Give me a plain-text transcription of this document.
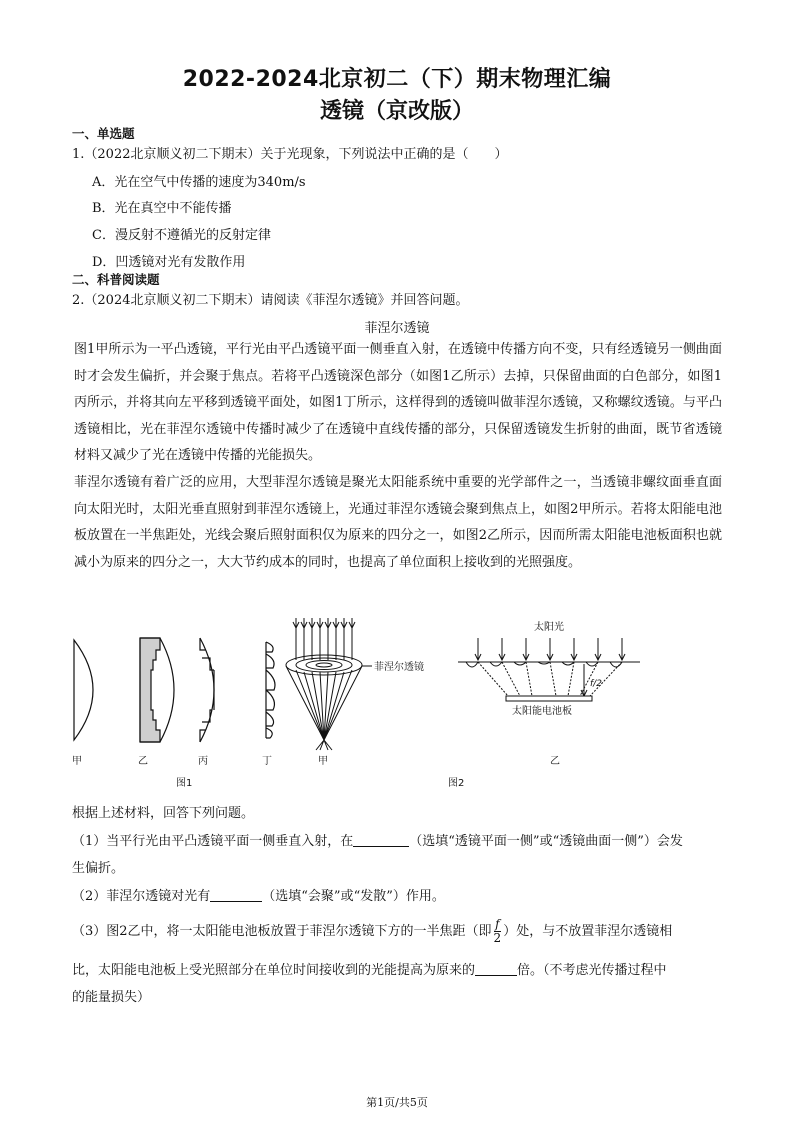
2022-2024北京初二（下）期末物理汇编
透镜（京改版）
一、单选题
1.（2022北京顺义初二下期末）关于光现象，下列说法中正确的是（　　）
A．光在空气中传播的速度为340m/s
B．光在真空中不能传播
C．漫反射不遵循光的反射定律
D．凹透镜对光有发散作用
二、科普阅读题
2.（2024北京顺义初二下期末）请阅读《菲涅尔透镜》并回答问题。
菲涅尔透镜
图1甲所示为一平凸透镜，平行光由平凸透镜平面一侧垂直入射，在透镜中传播方向不变，只有经透镜另一侧曲面时才会发生偏折，并会聚于焦点。若将平凸透镜深色部分（如图1乙所示）去掉，只保留曲面的白色部分，如图1丙所示，并将其向左平移到透镜平面处，如图1丁所示，这样得到的透镜叫做菲涅尔透镜，又称螺纹透镜。与平凸透镜相比，光在菲涅尔透镜中传播时减少了在透镜中直线传播的部分，只保留透镜发生折射的曲面，既节省透镜材料又减少了光在透镜中传播的光能损失。
菲涅尔透镜有着广泛的应用，大型菲涅尔透镜是聚光太阳能系统中重要的光学部件之一，当透镜非螺纹面垂直面向太阳光时，太阳光垂直照射到菲涅尔透镜上，光通过菲涅尔透镜会聚到焦点上，如图2甲所示。若将太阳能电池板放置在一半焦距处，光线会聚后照射面积仅为原来的四分之一，如图2乙所示，因而所需太阳能电池板面积也就减小为原来的四分之一，大大节约成本的同时，也提高了单位面积上接收到的光照强度。
菲涅尔透镜
太阳光
f/2
太阳能电池板
甲	乙	丙	丁	甲	乙
图1	图2
根据上述材料，回答下列问题。
（1）当平行光由平凸透镜平面一侧垂直入射，在	（选填“透镜平面一侧”或“透镜曲面一侧”）会发
生偏折。
（2）菲涅尔透镜对光有	（选填“会聚”或“发散”）作用。
（3）图2乙中，将一太阳能电池板放置于菲涅尔透镜下方的一半焦距（即 $\frac{f}{2}$ ）处，与不放置菲涅尔透镜相
比，太阳能电池板上受光照部分在单位时间接收到的光能提高为原来的	倍。（不考虑光传播过程中
的能量损失）
第1页/共5页
